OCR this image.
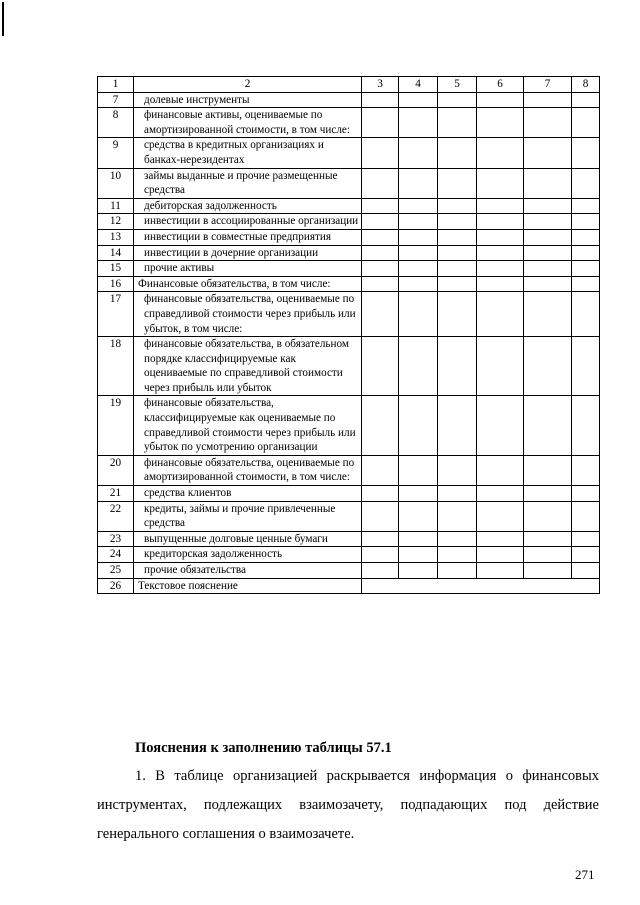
1	2	3	4	5	6	7	8
7	долевые инструменты						
8	финансовые активы, оцениваемые по амортизированной стоимости, в том числе:						
9	средства в кредитных организациях и банках-нерезидентах						
10	займы выданные и прочие размещенные средства						
11	дебиторская задолженность						
12	инвестиции в ассоциированные организации						
13	инвестиции в совместные предприятия						
14	инвестиции в дочерние организации						
15	прочие активы						
16	Финансовые обязательства, в том числе:						
17	финансовые обязательства, оцениваемые по справедливой стоимости через прибыль или убыток, в том числе:						
18	финансовые обязательства, в обязательном порядке классифицируемые как оцениваемые по справедливой стоимости через прибыль или убыток						
19	финансовые обязательства, классифицируемые как оцениваемые по справедливой стоимости через прибыль или убыток по усмотрению организации						
20	финансовые обязательства, оцениваемые по амортизированной стоимости, в том числе:						
21	средства клиентов						
22	кредиты, займы и прочие привлеченные средства						
23	выпущенные долговые ценные бумаги						
24	кредиторская задолженность						
25	прочие обязательства						
26	Текстовое пояснение						
Пояснения к заполнению таблицы 57.1
1. В таблице организацией раскрывается информация о финансовых инструментах, подлежащих взаимозачету, подпадающих под действие генерального соглашения о взаимозачете.
271
